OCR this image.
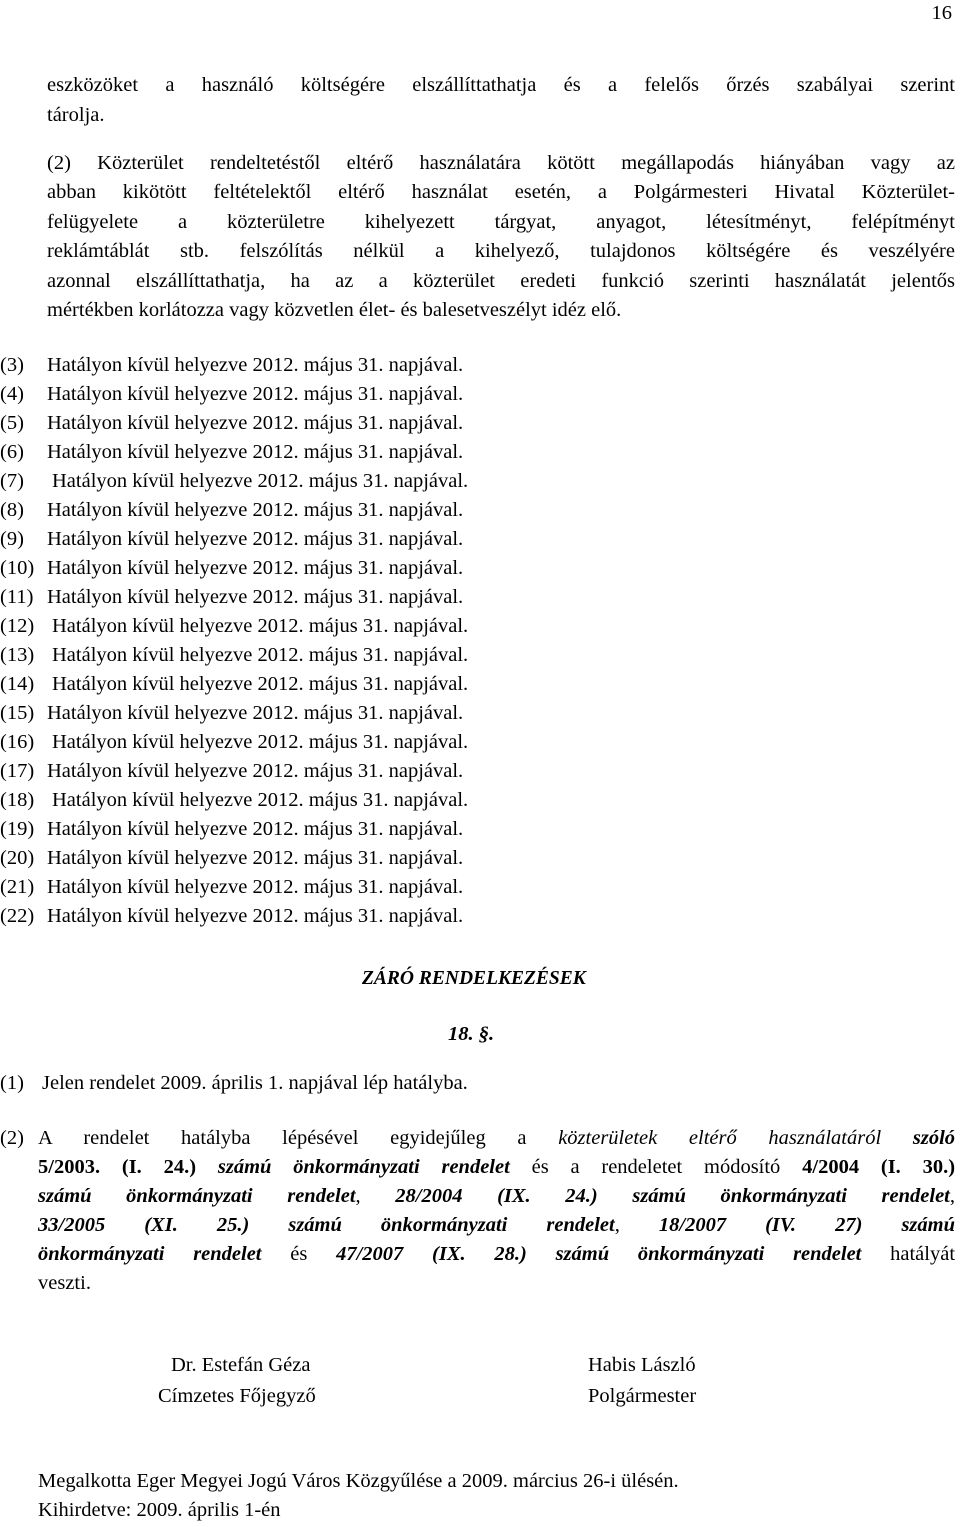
16
eszközöket a használó költségére elszállíttathatja és a felelős őrzés szabályai szerint
tárolja.
(2) Közterület rendeltetéstől eltérő használatára kötött megállapodás hiányában vagy az
abban kikötött feltételektől eltérő használat esetén, a Polgármesteri Hivatal Közterület-
felügyelete a közterületre kihelyezett tárgyat, anyagot, létesítményt, felépítményt
reklámtáblát stb. felszólítás nélkül a kihelyező, tulajdonos költségére és veszélyére
azonnal elszállíttathatja, ha az a közterület eredeti funkció szerinti használatát jelentős
mértékben korlátozza vagy közvetlen élet- és balesetveszélyt idéz elő.
(3) Hatályon kívül helyezve 2012. május 31. napjával.
(4) Hatályon kívül helyezve 2012. május 31. napjával.
(5) Hatályon kívül helyezve 2012. május 31. napjával.
(6) Hatályon kívül helyezve 2012. május 31. napjával.
(7) Hatályon kívül helyezve 2012. május 31. napjával.
(8) Hatályon kívül helyezve 2012. május 31. napjával.
(9) Hatályon kívül helyezve 2012. május 31. napjával.
(10) Hatályon kívül helyezve 2012. május 31. napjával.
(11) Hatályon kívül helyezve 2012. május 31. napjával.
(12) Hatályon kívül helyezve 2012. május 31. napjával.
(13) Hatályon kívül helyezve 2012. május 31. napjával.
(14) Hatályon kívül helyezve 2012. május 31. napjával.
(15) Hatályon kívül helyezve 2012. május 31. napjával.
(16) Hatályon kívül helyezve 2012. május 31. napjával.
(17) Hatályon kívül helyezve 2012. május 31. napjával.
(18) Hatályon kívül helyezve 2012. május 31. napjával.
(19) Hatályon kívül helyezve 2012. május 31. napjával.
(20) Hatályon kívül helyezve 2012. május 31. napjával.
(21) Hatályon kívül helyezve 2012. május 31. napjával.
(22) Hatályon kívül helyezve 2012. május 31. napjával.
ZÁRÓ RENDELKEZÉSEK
18. §.
(1) Jelen rendelet 2009. április 1. napjával lép hatályba.
(2) A rendelet hatályba lépésével egyidejűleg a közterületek eltérő használatáról szóló
5/2003. (I. 24.) számú önkormányzati rendelet és a rendeletet módosító 4/2004 (I. 30.)
számú önkormányzati rendelet, 28/2004 (IX. 24.) számú önkormányzati rendelet,
33/2005 (XI. 25.) számú önkormányzati rendelet, 18/2007 (IV. 27) számú
önkormányzati rendelet és 47/2007 (IX. 28.) számú önkormányzati rendelet hatályát
veszti.
Dr. Estefán Géza
Címzetes Főjegyző
Habis László
Polgármester
Megalkotta Eger Megyei Jogú Város Közgyűlése a 2009. március 26-i ülésén.
Kihirdetve: 2009. április 1-én
